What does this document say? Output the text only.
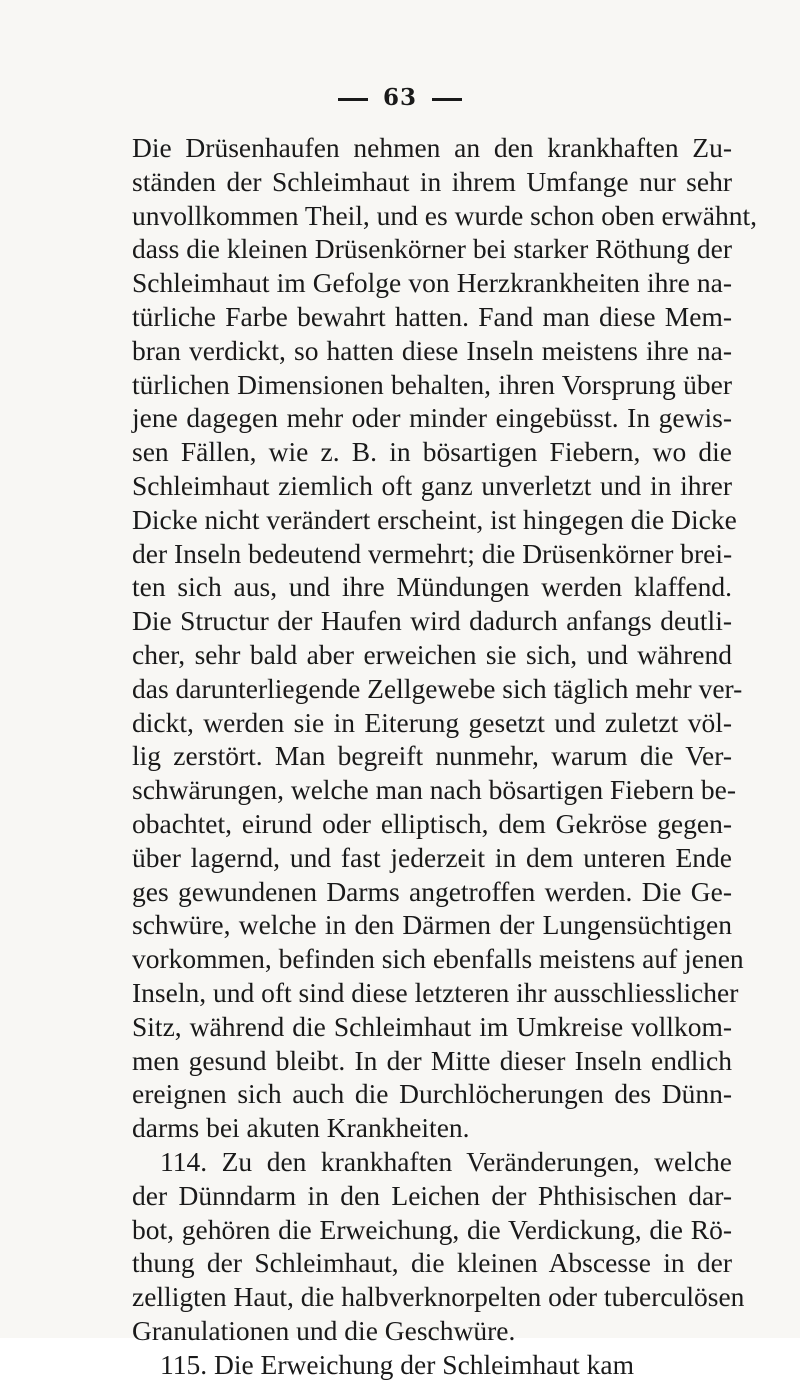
63
Die Drüsenhaufen nehmen an den krankhaften Zu-
ständen der Schleimhaut in ihrem Umfange nur sehr
unvollkommen Theil, und es wurde schon oben erwähnt,
dass die kleinen Drüsenkörner bei starker Röthung der
Schleimhaut im Gefolge von Herzkrankheiten ihre na-
türliche Farbe bewahrt hatten. Fand man diese Mem-
bran verdickt, so hatten diese Inseln meistens ihre na-
türlichen Dimensionen behalten, ihren Vorsprung über
jene dagegen mehr oder minder eingebüsst. In gewis-
sen Fällen, wie z. B. in bösartigen Fiebern, wo die
Schleimhaut ziemlich oft ganz unverletzt und in ihrer
Dicke nicht verändert erscheint, ist hingegen die Dicke
der Inseln bedeutend vermehrt; die Drüsenkörner brei-
ten sich aus, und ihre Mündungen werden klaffend.
Die Structur der Haufen wird dadurch anfangs deutli-
cher, sehr bald aber erweichen sie sich, und während
das darunterliegende Zellgewebe sich täglich mehr ver-
dickt, werden sie in Eiterung gesetzt und zuletzt völ-
lig zerstört. Man begreift nunmehr, warum die Ver-
schwärungen, welche man nach bösartigen Fiebern be-
obachtet, eirund oder elliptisch, dem Gekröse gegen-
über lagernd, und fast jederzeit in dem unteren Ende
ges gewundenen Darms angetroffen werden. Die Ge-
schwüre, welche in den Därmen der Lungensüchtigen
vorkommen, befinden sich ebenfalls meistens auf jenen
Inseln, und oft sind diese letzteren ihr ausschliesslicher
Sitz, während die Schleimhaut im Umkreise vollkom-
men gesund bleibt. In der Mitte dieser Inseln endlich
ereignen sich auch die Durchlöcherungen des Dünn-
darms bei akuten Krankheiten.
114. Zu den krankhaften Veränderungen, welche
der Dünndarm in den Leichen der Phthisischen dar-
bot, gehören die Erweichung, die Verdickung, die Rö-
thung der Schleimhaut, die kleinen Abscesse in der
zelligten Haut, die halbverknorpelten oder tuberculösen
Granulationen und die Geschwüre.
115. Die Erweichung der Schleimhaut kam
